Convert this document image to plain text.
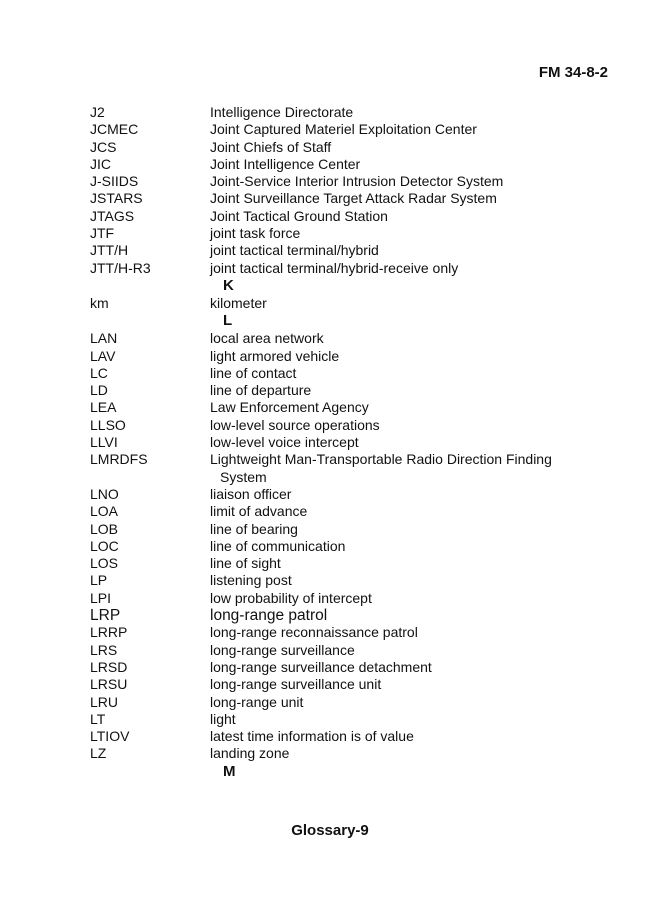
FM 34-8-2
J2	Intelligence Directorate
JCMEC	Joint Captured Materiel Exploitation Center
JCS	Joint Chiefs of Staff
JIC	Joint Intelligence Center
J-SIIDS	Joint-Service Interior Intrusion Detector System
JSTARS	Joint Surveillance Target Attack Radar System
JTAGS	Joint Tactical Ground Station
JTF	joint task force
JTT/H	joint tactical terminal/hybrid
JTT/H-R3	joint tactical terminal/hybrid-receive only
K
km	kilometer
L
LAN	local area network
LAV	light armored vehicle
LC	line of contact
LD	line of departure
LEA	Law Enforcement Agency
LLSO	low-level source operations
LLVI	low-level voice intercept
LMRDFS	Lightweight Man-Transportable Radio Direction Finding
System
LNO	liaison officer
LOA	limit of advance
LOB	line of bearing
LOC	line of communication
LOS	line of sight
LP	listening post
LPI	low probability of intercept
LRP	long-range patrol
LRRP	long-range reconnaissance patrol
LRS	long-range surveillance
LRSD	long-range surveillance detachment
LRSU	long-range surveillance unit
LRU	long-range unit
LT	light
LTIOV	latest time information is of value
LZ	landing zone
M
Glossary-9
